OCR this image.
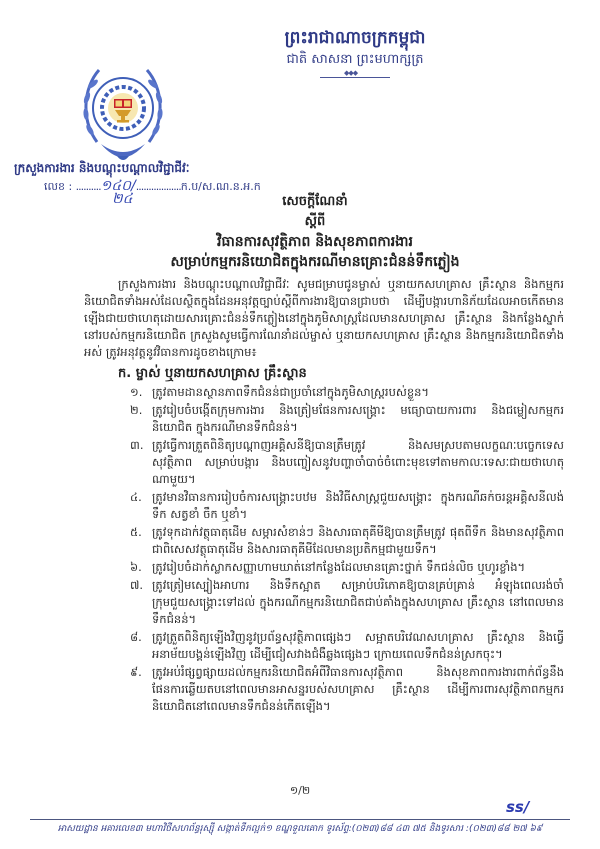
ព្រះរាជាណាចក្រកម្ពុជា
ជាតិ សាសនា ព្រះមហាក្សត្រ
◆◆◆
ក្រសួងការងារ និងបណ្តុះបណ្តាលវិជ្ជាជីវៈ
លេខ : ..........១៤០/..................ក.ប/ស.ណ.ន.អ.ក
២៤	សេចក្តីណែនាំ
ស្តីពី
វិធានការសុវត្ថិភាព និងសុខភាពការងារ
សម្រាប់កម្មករនិយោជិតក្នុងករណីមានគ្រោះជំនន់ទឹកភ្លៀង

ក្រសួងការងារ និងបណ្តុះបណ្តាលវិជ្ជាជីវៈ សូមជម្រាបជូនម្ចាស់ ឬនាយកសហគ្រាស គ្រឹះស្ថាន និងកម្មករនិយោជិតទាំងអស់ដែលស្ថិតក្នុងដែនអនុវត្តច្បាប់ស្តីពីការងារឱ្យបានជ្រាបថា ដើម្បីបង្ការហានិភ័យដែលអាចកើតមានឡើងជាយថាហេតុដោយសារគ្រោះជំនន់ទឹកភ្លៀងនៅក្នុងភូមិសាស្ត្រដែលមានសហគ្រាស គ្រឹះស្ថាន និងកន្លែងស្នាក់នៅរបស់កម្មករនិយោជិត ក្រសួងសូមធ្វើការណែនាំដល់ម្ចាស់ ឬនាយកសហគ្រាស គ្រឹះស្ថាន និងកម្មករនិយោជិតទាំងអស់ ត្រូវអនុវត្តនូវវិធានការដូចខាងក្រោម៖

ក. ម្ចាស់ ឬនាយកសហគ្រាស គ្រឹះស្ថាន
១. ត្រូវតាមដានស្ថានភាពទឹកជំនន់ជាប្រចាំនៅក្នុងភូមិសាស្ត្ររបស់ខ្លួន។
២. ត្រូវរៀបចំបង្កើតក្រុមការងារ និងត្រៀមផែនការសង្គ្រោះ មធ្យោបាយការពារ និងជម្លៀសកម្មករនិយោជិត ក្នុងករណីមានទឹកជំនន់។
៣. ត្រូវធ្វើការត្រួតពិនិត្យបណ្តាញអគ្គិសនីឱ្យបានត្រឹមត្រូវ និងសមស្របតាមលក្ខណៈបច្ចេកទេសសុវត្ថិភាព សម្រាប់បង្ការ និងបញ្ចៀសនូវបញ្ហាចាំបាច់ចំពោះមុខទៅតាមកាលៈទេសៈជាយថាហេតុណាមួយ។
៤. ត្រូវមានវិធានការរៀបចំការសង្គ្រោះបឋម និងវិធីសាស្ត្រជួយសង្គ្រោះ ក្នុងករណីឆក់ចរន្តអគ្គិសនីលង់ទឹក សត្វខាំ ចឹក ឬខាំ។
៥. ត្រូវទុកដាក់វត្ថុធាតុដើម សម្ភារសំខាន់ៗ និងសារធាតុគីមីឱ្យបានត្រឹមត្រូវ ផុតពីទឹក និងមានសុវត្ថិភាព ជាពិសេសវត្ថុធាតុដើម និងសារធាតុគីមីដែលមានប្រតិកម្មជាមួយទឹក។
៦. ត្រូវរៀបចំដាក់ស្លាកសញ្ញាហាមឃាត់នៅកន្លែងដែលមានគ្រោះថ្នាក់ ទឹកជន់លិច ឬហូរខ្លាំង។
៧. ត្រូវត្រៀមស្បៀងអាហារ និងទឹកស្អាត សម្រាប់បរិភោគឱ្យបានគ្រប់គ្រាន់ អំឡុងពេលរង់ចាំក្រុមជួយសង្គ្រោះទៅដល់ ក្នុងករណីកម្មករនិយោជិតជាប់គាំងក្នុងសហគ្រាស គ្រឹះស្ថាន នៅពេលមានទឹកជំនន់។
៨. ត្រូវត្រួតពិនិត្យឡើងវិញនូវប្រព័ន្ធសុវត្ថិភាពផ្សេងៗ សម្អាតបរិវេណសហគ្រាស គ្រឹះស្ថាន និងធ្វើអនាម័យបង្គន់ឡើងវិញ ដើម្បីជៀសវាងជំងឺឆ្លងផ្សេងៗ ក្រោយពេលទឹកជំនន់ស្រកចុះ។
៩. ត្រូវអប់រំផ្សព្វផ្សាយដល់កម្មករនិយោជិតអំពីវិធានការសុវត្ថិភាព និងសុខភាពការងារពាក់ព័ន្ធនឹងផែនការឆ្លើយតបនៅពេលមានអាសន្នរបស់សហគ្រាស គ្រឹះស្ថាន ដើម្បីការពារសុវត្ថិភាពកម្មករនិយោជិតនៅពេលមានទឹកជំនន់កើតឡើង។
១/២
ss/
អាសយដ្ឋាន អគារលេខ៣ មហាវិថីសហព័ន្ធរុស្ស៊ី សង្កាត់ទឹកល្អក់១ ខណ្ឌទួលគោក ទូរស័ព្ទ:(០២៣)៨៨ ៤៣ ៧៥ និងទូរសារ :(០២៣)៨៨ ២៧ ៦៩
